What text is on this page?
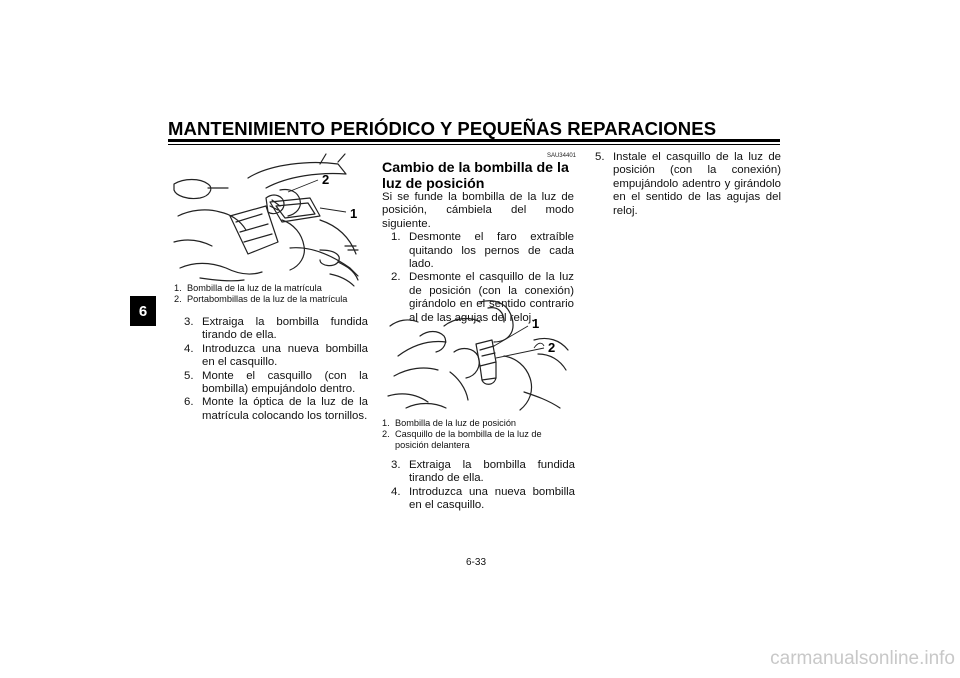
MANTENIMIENTO PERIÓDICO Y PEQUEÑAS REPARACIONES
6
2
1
1. Bombilla de la luz de la matrícula
2. Portabombillas de la luz de la matrícula
3. Extraiga la bombilla fundida tirando de ella.
4. Introduzca una nueva bombilla en el casquillo.
5. Monte el casquillo (con la bombilla) empujándolo dentro.
6. Monte la óptica de la luz de la matrícula colocando los tornillos.
SAU34401
Cambio de la bombilla de la luz de posición
Si se funde la bombilla de la luz de posición, cámbiela del modo siguiente.
1. Desmonte el faro extraíble quitando los pernos de cada lado.
2. Desmonte el casquillo de la luz de posición (con la conexión) girándolo en el sentido contrario al de las agujas del reloj.
1
2
1. Bombilla de la luz de posición
2. Casquillo de la bombilla de la luz de posición delantera
3. Extraiga la bombilla fundida tirando de ella.
4. Introduzca una nueva bombilla en el casquillo.
5. Instale el casquillo de la luz de posición (con la conexión) empujándolo adentro y girándolo en el sentido de las agujas del reloj.
6-33
carmanualsonline.info
